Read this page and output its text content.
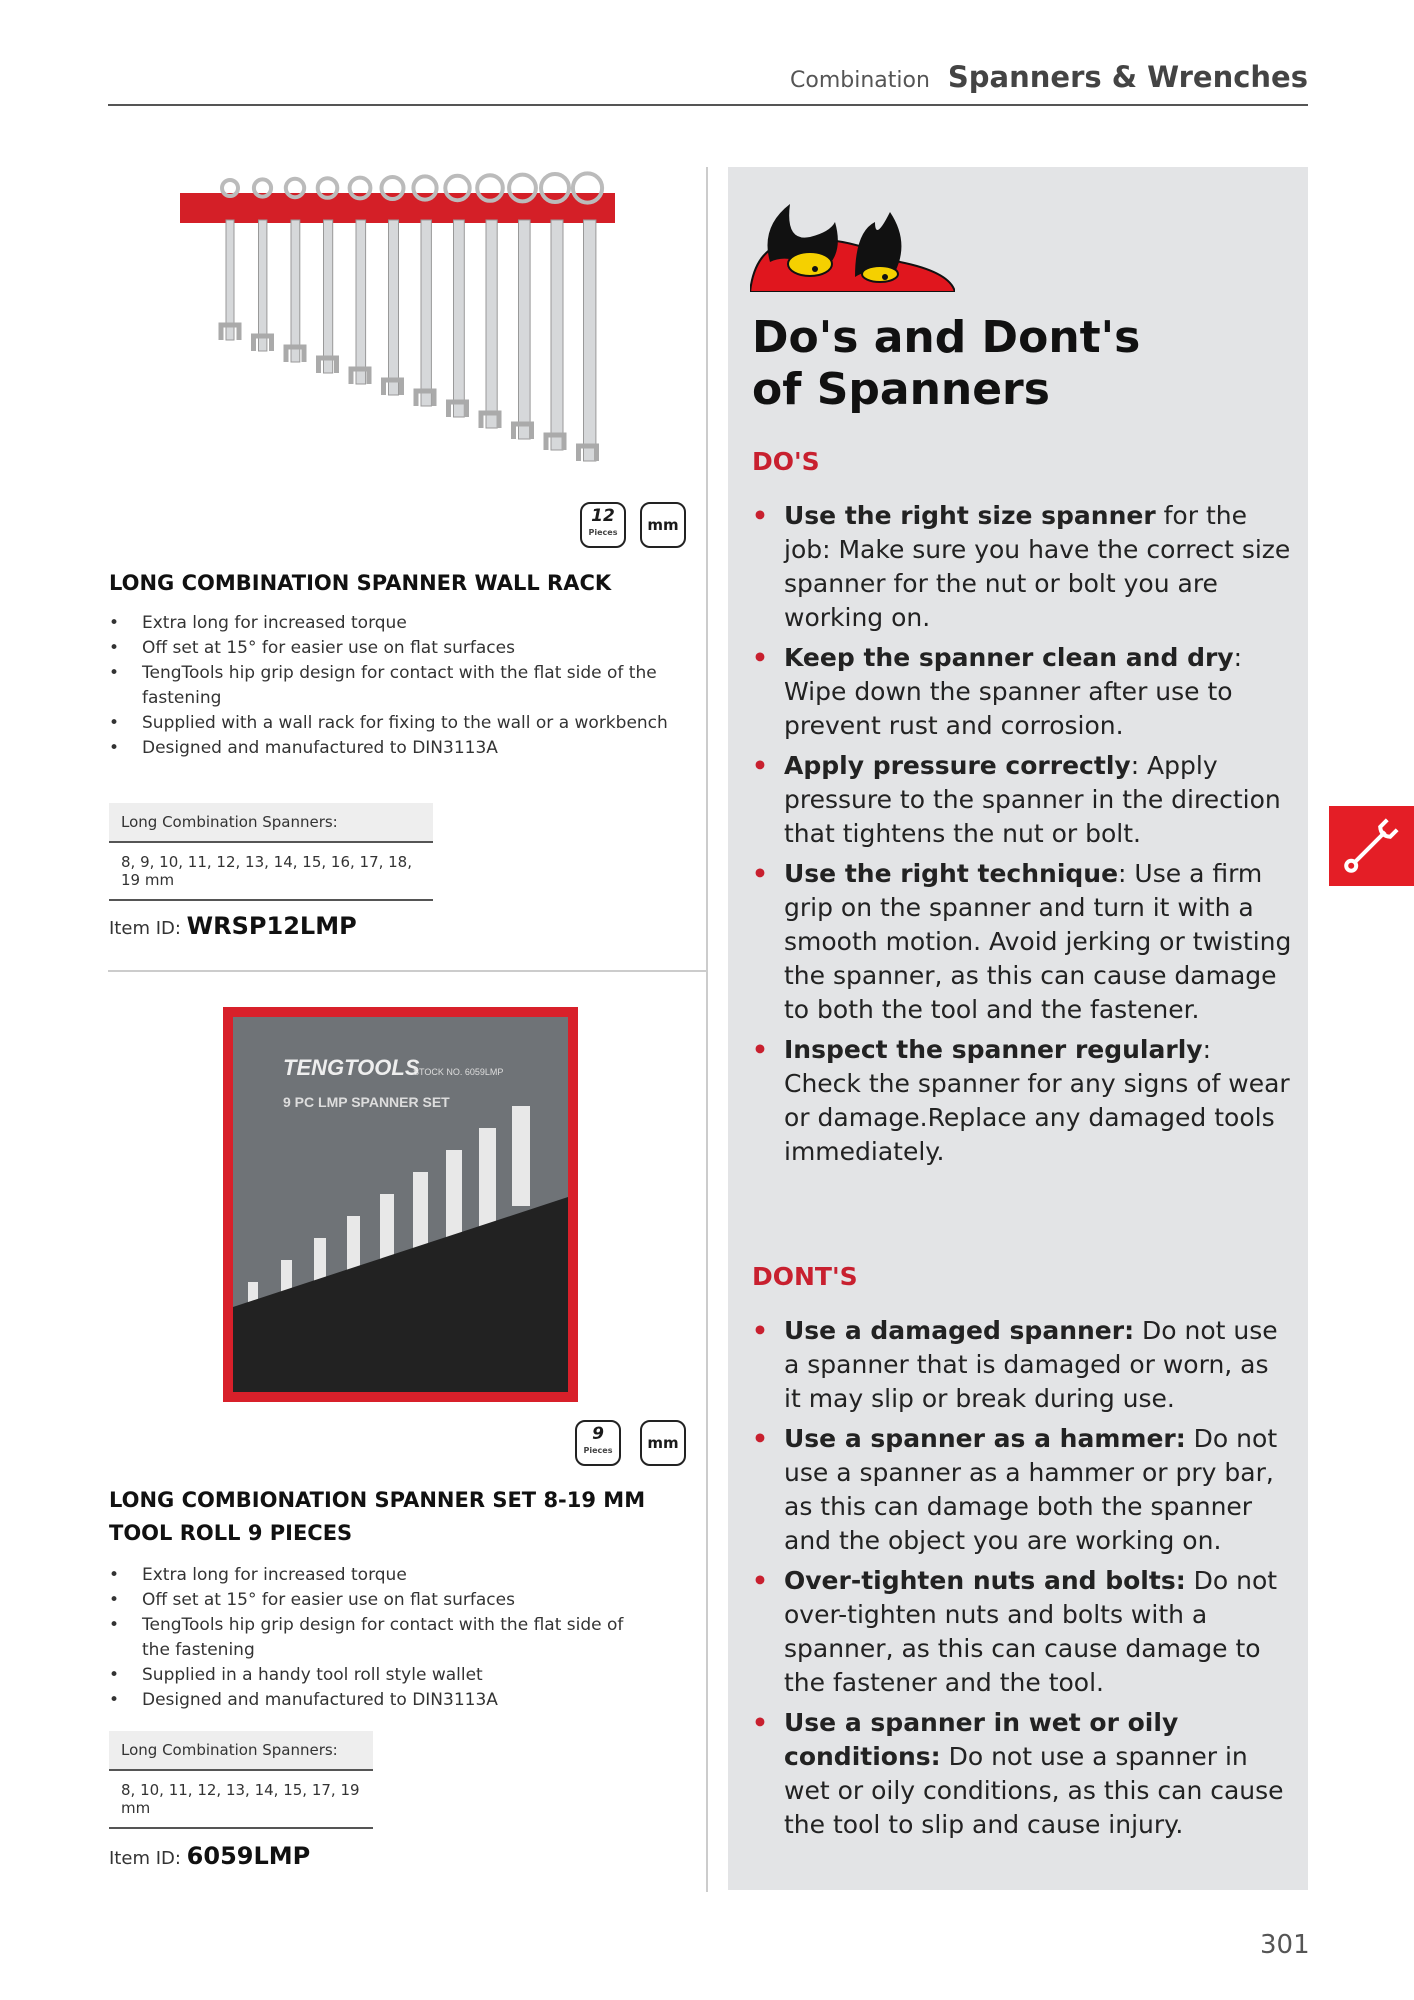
Combination Spanners & Wrenches
12
Pieces	mm
LONG COMBINATION SPANNER WALL RACK
• Extra long for increased torque
• Off set at 15° for easier use on flat surfaces
• TengTools hip grip design for contact with the flat side of the fastening
• Supplied with a wall rack for fixing to the wall or a workbench
• Designed and manufactured to DIN3113A
Long Combination Spanners:
8, 9, 10, 11, 12, 13, 14, 15, 16, 17, 18, 19 mm
Item ID: WRSP12LMP
TENGTOOLS
STOCK NO. 6059LMP
9 PC LMP SPANNER SET
9
Pieces	mm
LONG COMBIONATION SPANNER SET 8-19 MM TOOL ROLL 9 PIECES
• Extra long for increased torque
• Off set at 15° for easier use on flat surfaces
• TengTools hip grip design for contact with the flat side of the fastening
• Supplied in a handy tool roll style wallet
• Designed and manufactured to DIN3113A
Long Combination Spanners:
8, 10, 11, 12, 13, 14, 15, 17, 19 mm
Item ID: 6059LMP
Do's and Dont's
of Spanners
DO'S
• Use the right size spanner for the job: Make sure you have the correct size spanner for the nut or bolt you are working on.
• Keep the spanner clean and dry: Wipe down the spanner after use to prevent rust and corrosion.
• Apply pressure correctly: Apply pressure to the spanner in the direction that tightens the nut or bolt.
• Use the right technique: Use a firm grip on the spanner and turn it with a smooth motion. Avoid jerking or twisting the spanner, as this can cause damage to both the tool and the fastener.
• Inspect the spanner regularly: Check the spanner for any signs of wear or damage.Replace any damaged tools immediately.
DONT'S
• Use a damaged spanner: Do not use a spanner that is damaged or worn, as it may slip or break during use.
• Use a spanner as a hammer: Do not use a spanner as a hammer or pry bar, as this can damage both the spanner and the object you are working on.
• Over-tighten nuts and bolts: Do not over-tighten nuts and bolts with a spanner, as this can cause damage to the fastener and the tool.
• Use a spanner in wet or oily conditions: Do not use a spanner in wet or oily conditions, as this can cause the tool to slip and cause injury.
301
